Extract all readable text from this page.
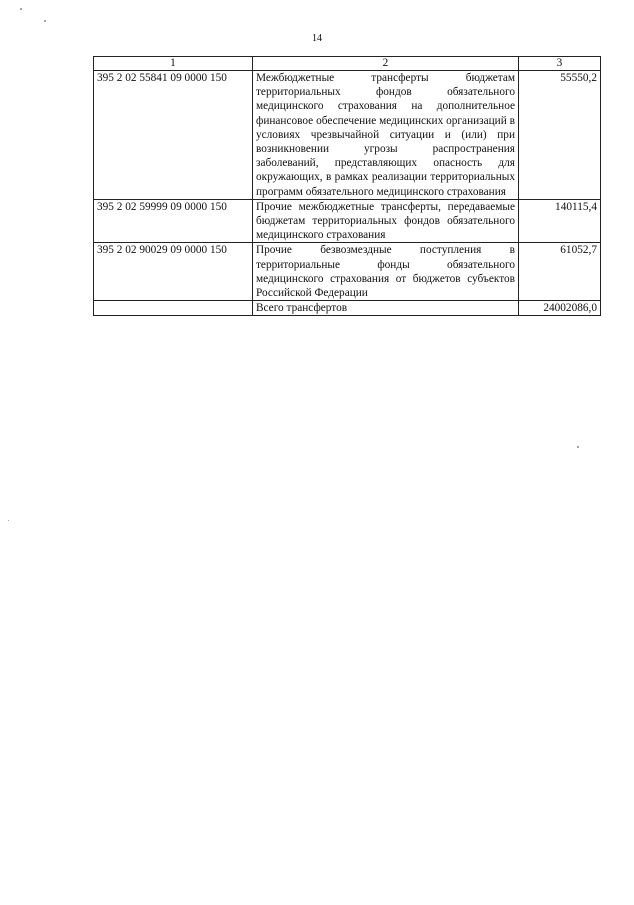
14
1	2	3
395 2 02 55841 09 0000 150	Межбюджетные трансферты бюджетам территориальных фондов обязательного медицинского страхования на дополнительное финансовое обеспечение медицинских организаций в условиях чрезвычайной ситуации и (или) при возникновении угрозы распространения заболеваний, представляющих опасность для окружающих, в рамках реализации территориальных программ обязательного медицинского страхования	55550,2
395 2 02 59999 09 0000 150	Прочие межбюджетные трансферты, передаваемые бюджетам территориальных фондов обязательного медицинского страхования	140115,4
395 2 02 90029 09 0000 150	Прочие безвозмездные поступления в территориальные фонды обязательного медицинского страхования от бюджетов субъектов Российской Федерации	61052,7
	Всего трансфертов	24002086,0
